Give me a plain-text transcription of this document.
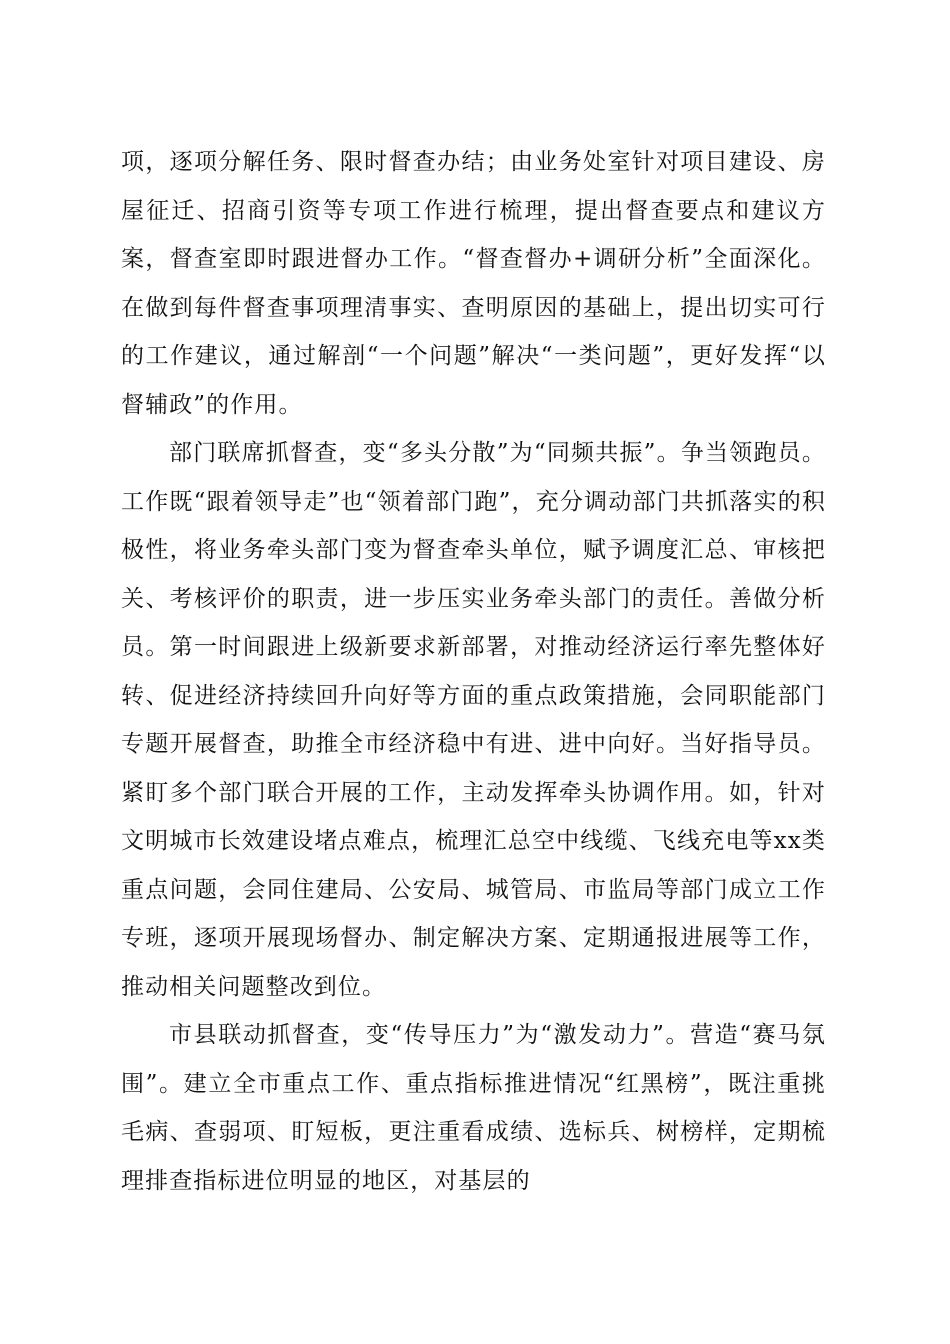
项，逐项分解任务、限时督查办结；由业务处室针对项目建设、房屋征迁、招商引资等专项工作进行梳理，提出督查要点和建议方案，督查室即时跟进督办工作。“督查督办+调研分析”全面深化。在做到每件督查事项理清事实、查明原因的基础上，提出切实可行的工作建议，通过解剖“一个问题”解决“一类问题”，更好发挥“以督辅政”的作用。

部门联席抓督查，变“多头分散”为“同频共振”。争当领跑员。工作既“跟着领导走”也“领着部门跑”，充分调动部门共抓落实的积极性，将业务牵头部门变为督查牵头单位，赋予调度汇总、审核把关、考核评价的职责，进一步压实业务牵头部门的责任。善做分析员。第一时间跟进上级新要求新部署，对推动经济运行率先整体好转、促进经济持续回升向好等方面的重点政策措施，会同职能部门专题开展督查，助推全市经济稳中有进、进中向好。当好指导员。紧盯多个部门联合开展的工作，主动发挥牵头协调作用。如，针对文明城市长效建设堵点难点，梳理汇总空中线缆、飞线充电等xx类重点问题，会同住建局、公安局、城管局、市监局等部门成立工作专班，逐项开展现场督办、制定解决方案、定期通报进展等工作，推动相关问题整改到位。

市县联动抓督查，变“传导压力”为“激发动力”。营造“赛马氛围”。建立全市重点工作、重点指标推进情况“红黑榜”，既注重挑毛病、查弱项、盯短板，更注重看成绩、选标兵、树榜样，定期梳理排查指标进位明显的地区，对基层的
